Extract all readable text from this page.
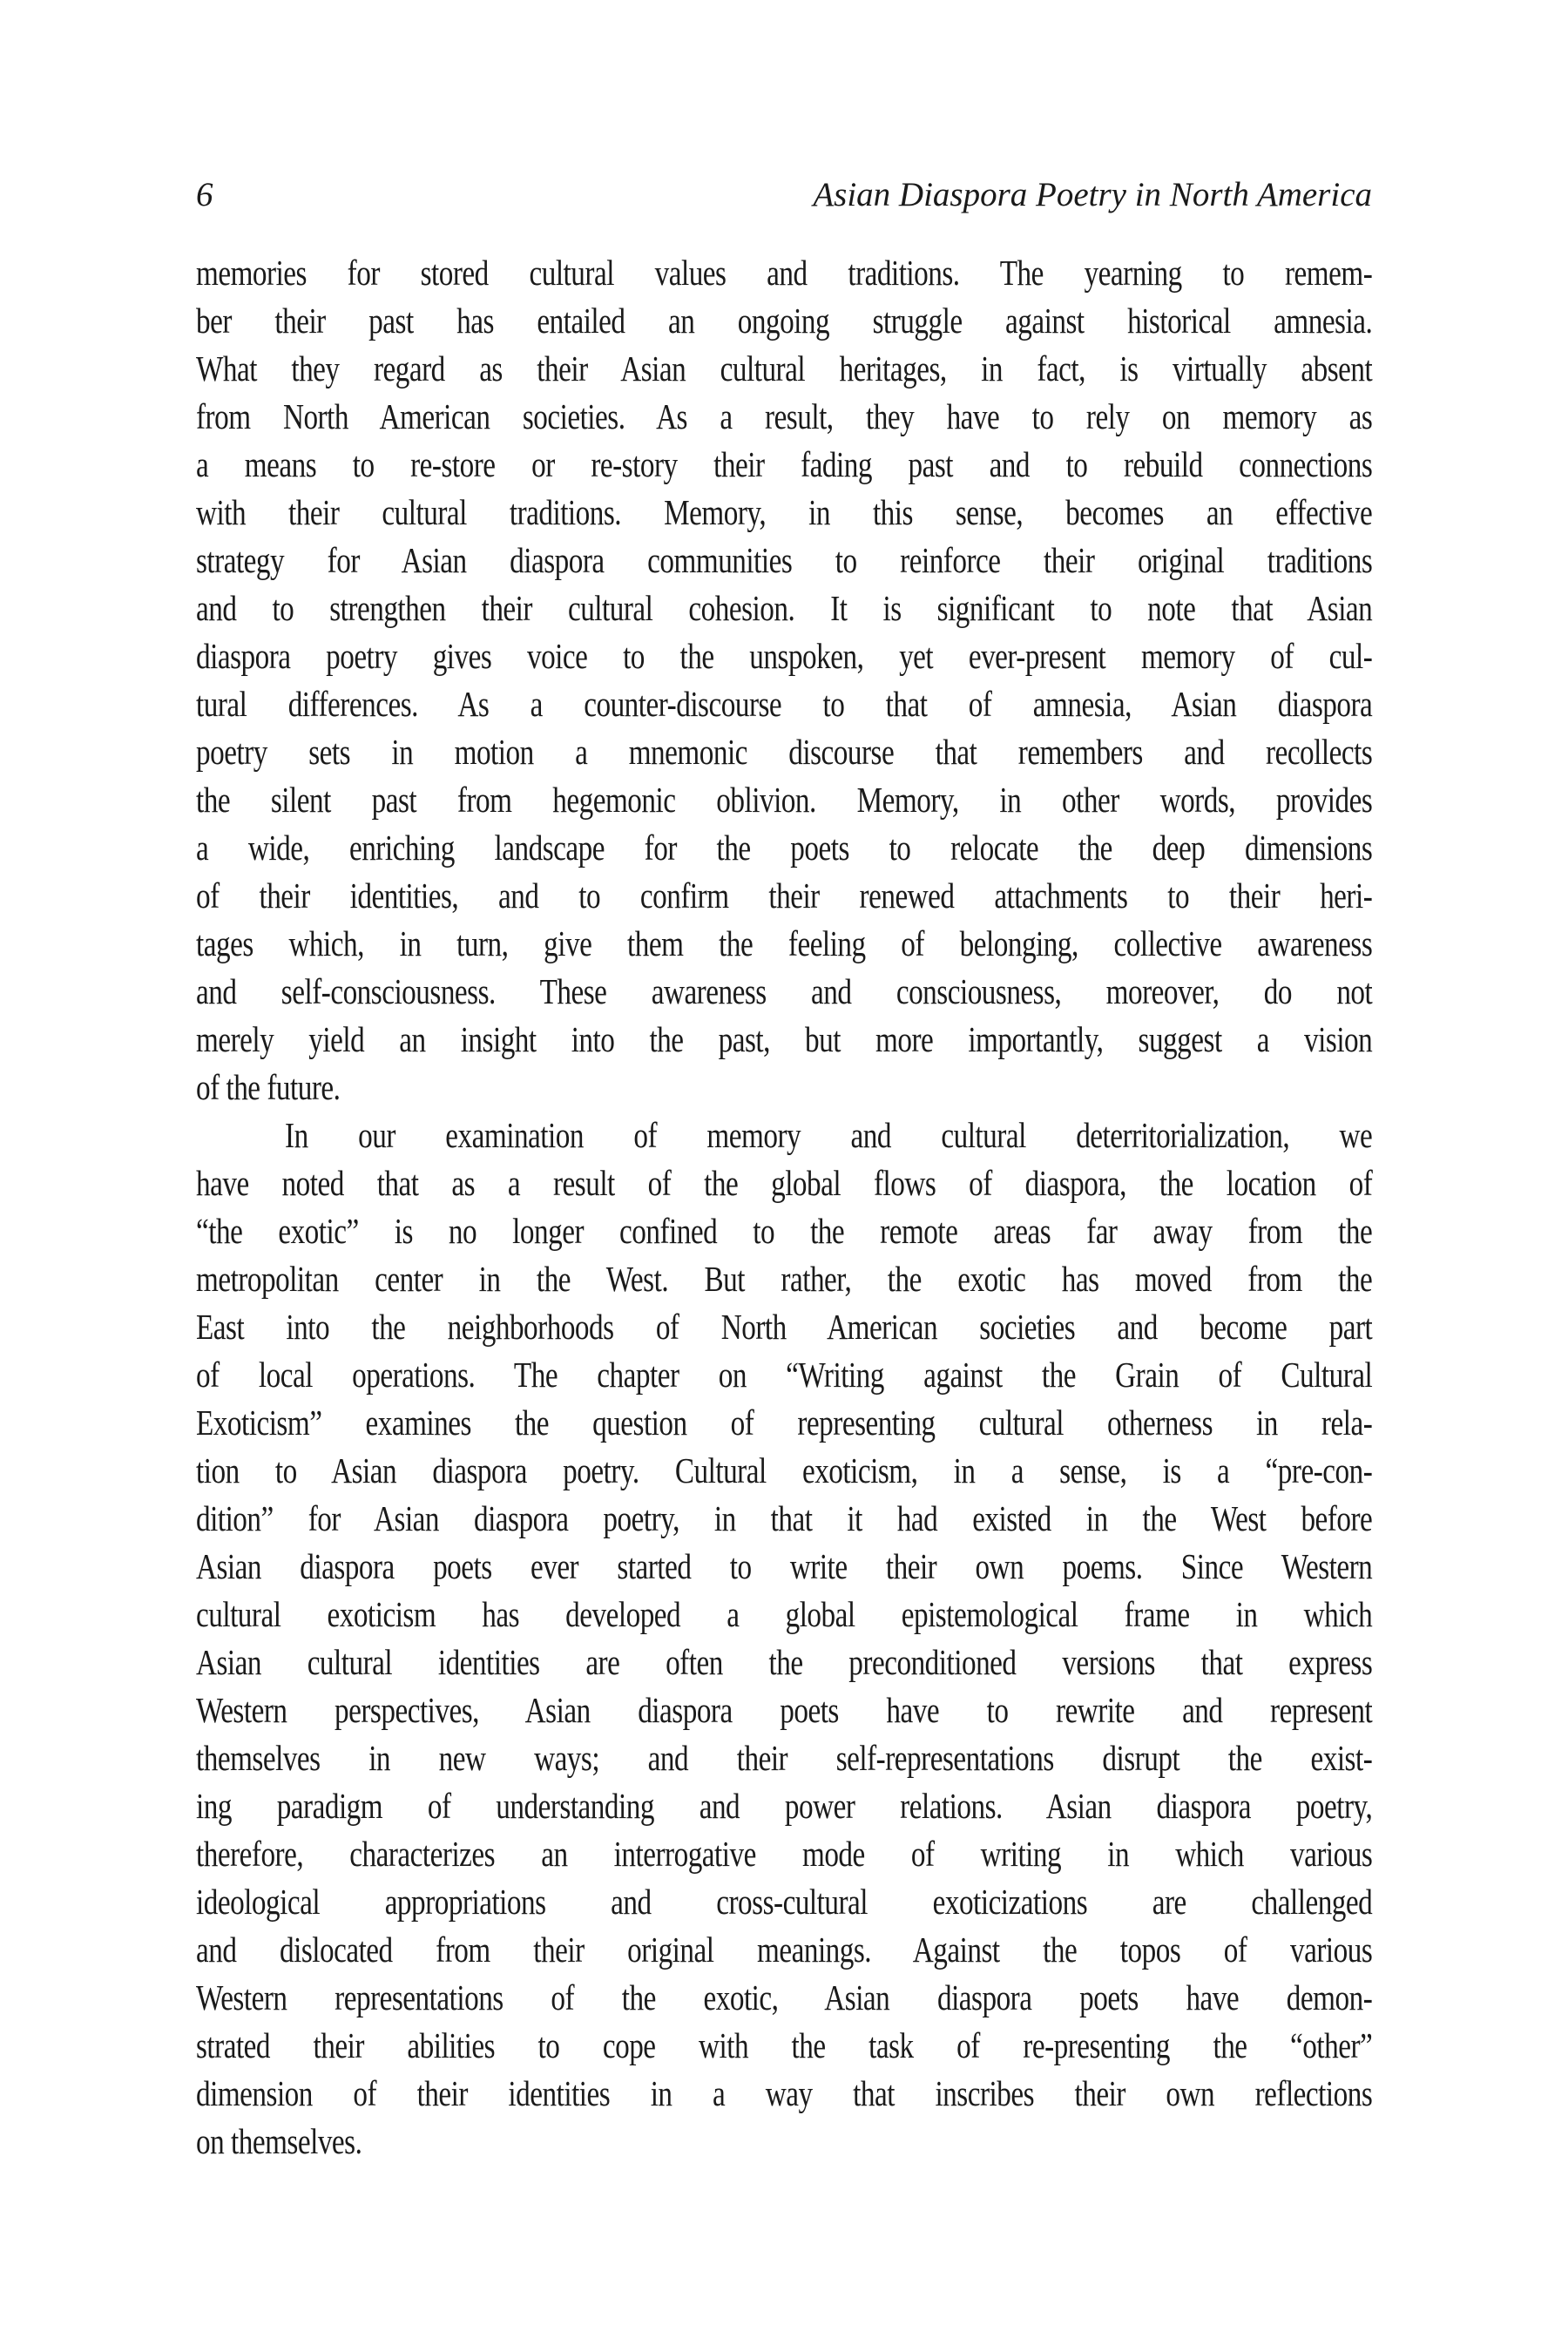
6	Asian Diaspora Poetry in North America
memories for stored cultural values and traditions. The yearning to remem-
ber their past has entailed an ongoing struggle against historical amnesia.
What they regard as their Asian cultural heritages, in fact, is virtually absent
from North American societies. As a result, they have to rely on memory as
a means to re-store or re-story their fading past and to rebuild connections
with their cultural traditions. Memory, in this sense, becomes an effective
strategy for Asian diaspora communities to reinforce their original traditions
and to strengthen their cultural cohesion. It is significant to note that Asian
diaspora poetry gives voice to the unspoken, yet ever-present memory of cul-
tural differences. As a counter-discourse to that of amnesia, Asian diaspora
poetry sets in motion a mnemonic discourse that remembers and recollects
the silent past from hegemonic oblivion. Memory, in other words, provides
a wide, enriching landscape for the poets to relocate the deep dimensions
of their identities, and to confirm their renewed attachments to their heri-
tages which, in turn, give them the feeling of belonging, collective awareness
and self-consciousness. These awareness and consciousness, moreover, do not
merely yield an insight into the past, but more importantly, suggest a vision
of the future.
In our examination of memory and cultural deterritorialization, we
have noted that as a result of the global flows of diaspora, the location of
“the exotic” is no longer confined to the remote areas far away from the
metropolitan center in the West. But rather, the exotic has moved from the
East into the neighborhoods of North American societies and become part
of local operations. The chapter on “Writing against the Grain of Cultural
Exoticism” examines the question of representing cultural otherness in rela-
tion to Asian diaspora poetry. Cultural exoticism, in a sense, is a “pre-con-
dition” for Asian diaspora poetry, in that it had existed in the West before
Asian diaspora poets ever started to write their own poems. Since Western
cultural exoticism has developed a global epistemological frame in which
Asian cultural identities are often the preconditioned versions that express
Western perspectives, Asian diaspora poets have to rewrite and represent
themselves in new ways; and their self-representations disrupt the exist-
ing paradigm of understanding and power relations. Asian diaspora poetry,
therefore, characterizes an interrogative mode of writing in which various
ideological appropriations and cross-cultural exoticizations are challenged
and dislocated from their original meanings. Against the topos of various
Western representations of the exotic, Asian diaspora poets have demon-
strated their abilities to cope with the task of re-presenting the “other”
dimension of their identities in a way that inscribes their own reflections
on themselves.
